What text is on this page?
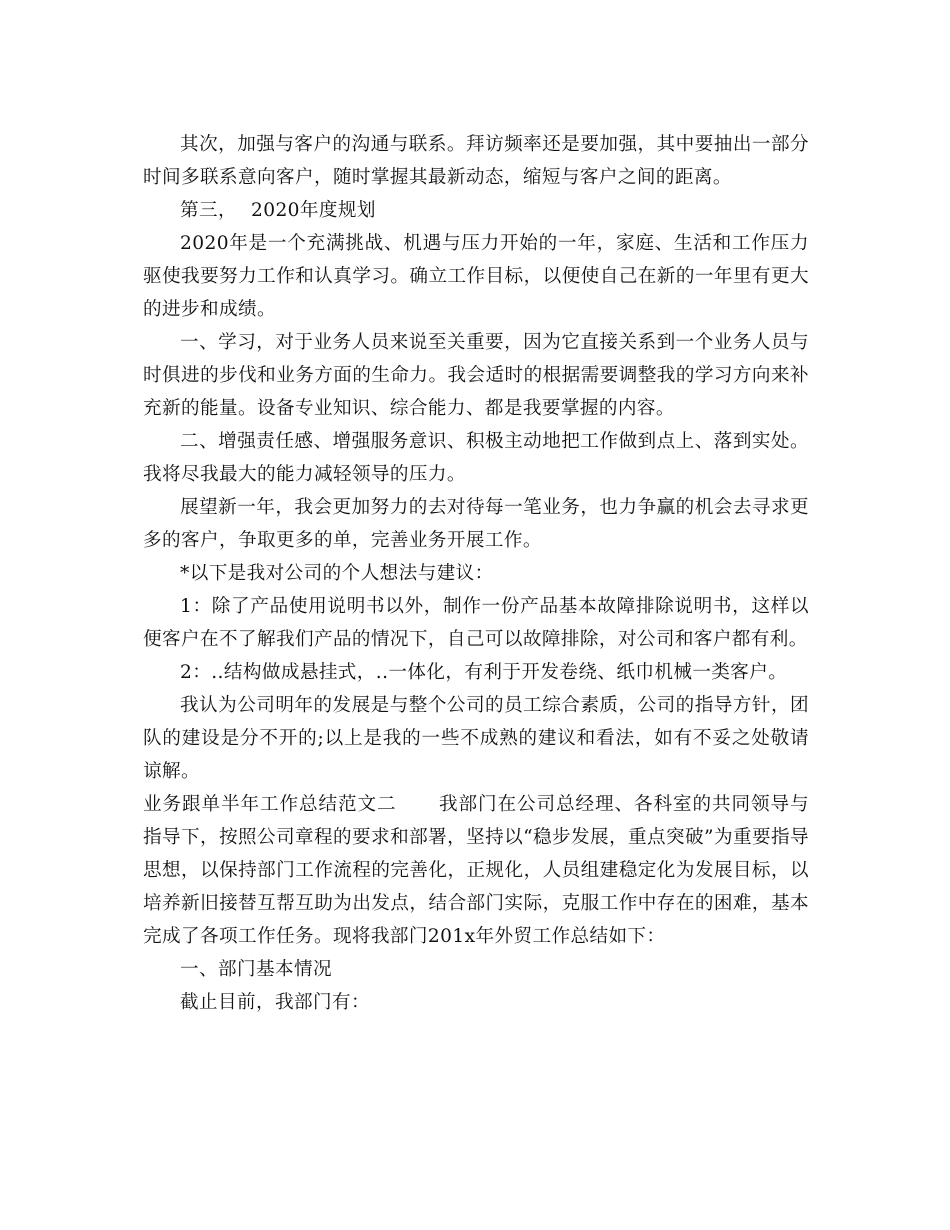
其次，加强与客户的沟通与联系。拜访频率还是要加强，其中要抽出一部分时间多联系意向客户，随时掌握其最新动态，缩短与客户之间的距离。

第三， 2020年度规划

2020年是一个充满挑战、机遇与压力开始的一年，家庭、生活和工作压力驱使我要努力工作和认真学习。确立工作目标，以便使自己在新的一年里有更大的进步和成绩。

一、学习，对于业务人员来说至关重要，因为它直接关系到一个业务人员与时俱进的步伐和业务方面的生命力。我会适时的根据需要调整我的学习方向来补充新的能量。设备专业知识、综合能力、都是我要掌握的内容。

二、增强责任感、增强服务意识、积极主动地把工作做到点上、落到实处。我将尽我最大的能力减轻领导的压力。

展望新一年，我会更加努力的去对待每一笔业务，也力争赢的机会去寻求更多的客户，争取更多的单，完善业务开展工作。

*以下是我对公司的个人想法与建议：

1：除了产品使用说明书以外，制作一份产品基本故障排除说明书，这样以便客户在不了解我们产品的情况下，自己可以故障排除，对公司和客户都有利。

2：..结构做成悬挂式，..一体化，有利于开发卷绕、纸巾机械一类客户。

我认为公司明年的发展是与整个公司的员工综合素质，公司的指导方针，团队的建设是分不开的;以上是我的一些不成熟的建议和看法，如有不妥之处敬请谅解。

业务跟单半年工作总结范文二 我部门在公司总经理、各科室的共同领导与指导下，按照公司章程的要求和部署，坚持以“稳步发展，重点突破”为重要指导思想，以保持部门工作流程的完善化，正规化，人员组建稳定化为发展目标，以培养新旧接替互帮互助为出发点，结合部门实际，克服工作中存在的困难，基本完成了各项工作任务。现将我部门201x年外贸工作总结如下：

一、部门基本情况

截止目前，我部门有：
